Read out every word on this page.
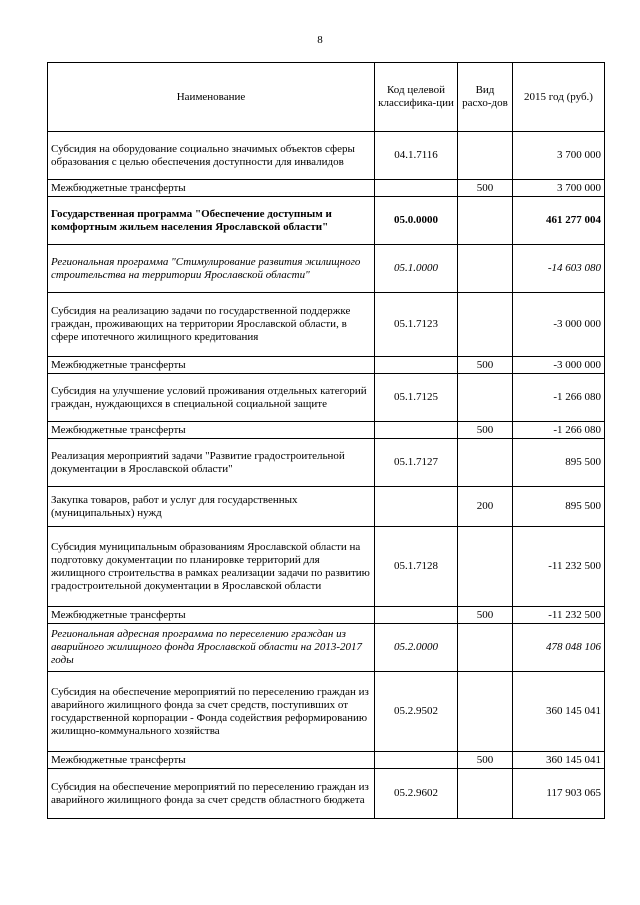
8
Наименование	Код целевой классифика-ции	Вид расхо-дов	2015 год (руб.)
Субсидия на оборудование социально значимых объектов сферы образования с целью обеспечения доступности для инвалидов	04.1.7116		3 700 000
Межбюджетные трансферты		500	3 700 000
Государственная программа "Обеспечение доступным и комфортным жильем населения Ярославской области"	05.0.0000		461 277 004
Региональная программа "Стимулирование развития жилищного строительства на территории Ярославской области"	05.1.0000		-14 603 080
Субсидия на реализацию задачи по государственной поддержке граждан, проживающих на территории Ярославской области, в сфере ипотечного жилищного кредитования	05.1.7123		-3 000 000
Межбюджетные трансферты		500	-3 000 000
Субсидия на улучшение условий проживания отдельных категорий граждан, нуждающихся в специальной социальной защите	05.1.7125		-1 266 080
Межбюджетные трансферты		500	-1 266 080
Реализация мероприятий задачи "Развитие градостроительной документации в Ярославской области"	05.1.7127		895 500
Закупка товаров, работ и услуг для государственных (муниципальных) нужд		200	895 500
Субсидия муниципальным образованиям Ярославской области на подготовку документации по планировке территорий для жилищного строительства в рамках реализации задачи по развитию градостроительной документации в Ярославской области	05.1.7128		-11 232 500
Межбюджетные трансферты		500	-11 232 500
Региональная адресная программа по переселению граждан из аварийного жилищного фонда Ярославской области на 2013-2017 годы	05.2.0000		478 048 106
Субсидия на обеспечение мероприятий по переселению граждан из аварийного жилищного фонда за счет средств, поступивших от государственной корпорации - Фонда содействия реформированию жилищно-коммунального хозяйства	05.2.9502		360 145 041
Межбюджетные трансферты		500	360 145 041
Субсидия на обеспечение мероприятий по переселению граждан из аварийного жилищного фонда за счет средств областного бюджета	05.2.9602		117 903 065
